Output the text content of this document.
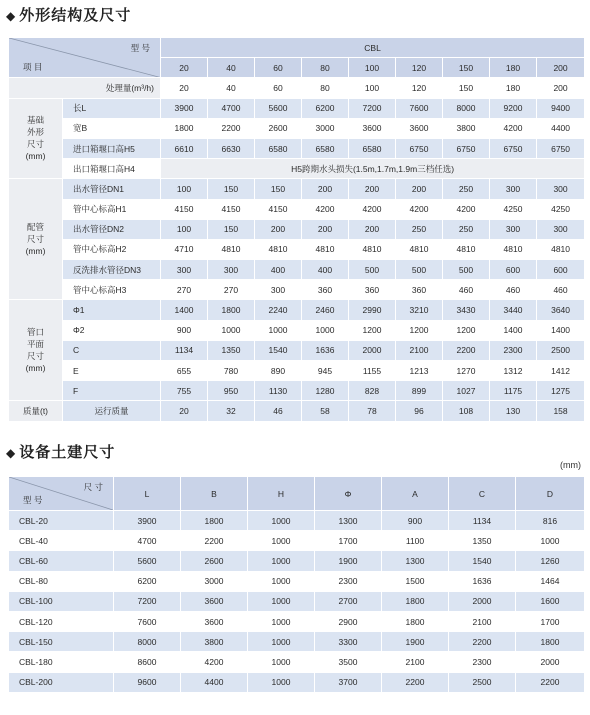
◆ 外形结构及尺寸
型 号
项 目		CBL								
		20	40	60	80	100	120	150	180	200
处理量(m³/h)		20	40	60	80	100	120	150	180	200

基础
外形
尺寸
(mm)	长L	3900	4700	5600	6200	7200	7600	8000	9200	9400
	宽B	1800	2200	2600	3000	3600	3600	3800	4200	4400
	进口箱堰口高H5	6610	6630	6580	6580	6580	6750	6750	6750	6750
	出口箱堰口高H4	H5跨期水头损失(1.5m,1.7m,1.9m三档任选)								

配管
尺寸
(mm)	出水管径DN1	100	150	150	200	200	200	250	300	300
	管中心标高H1	4150	4150	4150	4200	4200	4200	4200	4250	4250
	出水管径DN2	100	150	200	200	200	250	250	300	300
	管中心标高H2	4710	4810	4810	4810	4810	4810	4810	4810	4810
	反洗排水管径DN3	300	300	400	400	500	500	500	600	600
	管中心标高H3	270	270	300	360	360	360	460	460	460

管口
平面
尺寸
(mm)	Φ1	1400	1800	2240	2460	2990	3210	3430	3440	3640
	Φ2	900	1000	1000	1000	1200	1200	1200	1400	1400
	C	1134	1350	1540	1636	2000	2100	2200	2300	2500
	E	655	780	890	945	1155	1213	1270	1312	1412
	F	755	950	1130	1280	828	899	1027	1175	1275
质量(t)	运行质量	20	32	46	58	78	96	108	130	158
◆ 设备土建尺寸
(mm)
尺 寸
型 号	L	B	H	Φ	A	C	D
CBL-20	3900	1800	1000	1300	900	1134	816
CBL-40	4700	2200	1000	1700	1100	1350	1000
CBL-60	5600	2600	1000	1900	1300	1540	1260
CBL-80	6200	3000	1000	2300	1500	1636	1464
CBL-100	7200	3600	1000	2700	1800	2000	1600
CBL-120	7600	3600	1000	2900	1800	2100	1700
CBL-150	8000	3800	1000	3300	1900	2200	1800
CBL-180	8600	4200	1000	3500	2100	2300	2000
CBL-200	9600	4400	1000	3700	2200	2500	2200
